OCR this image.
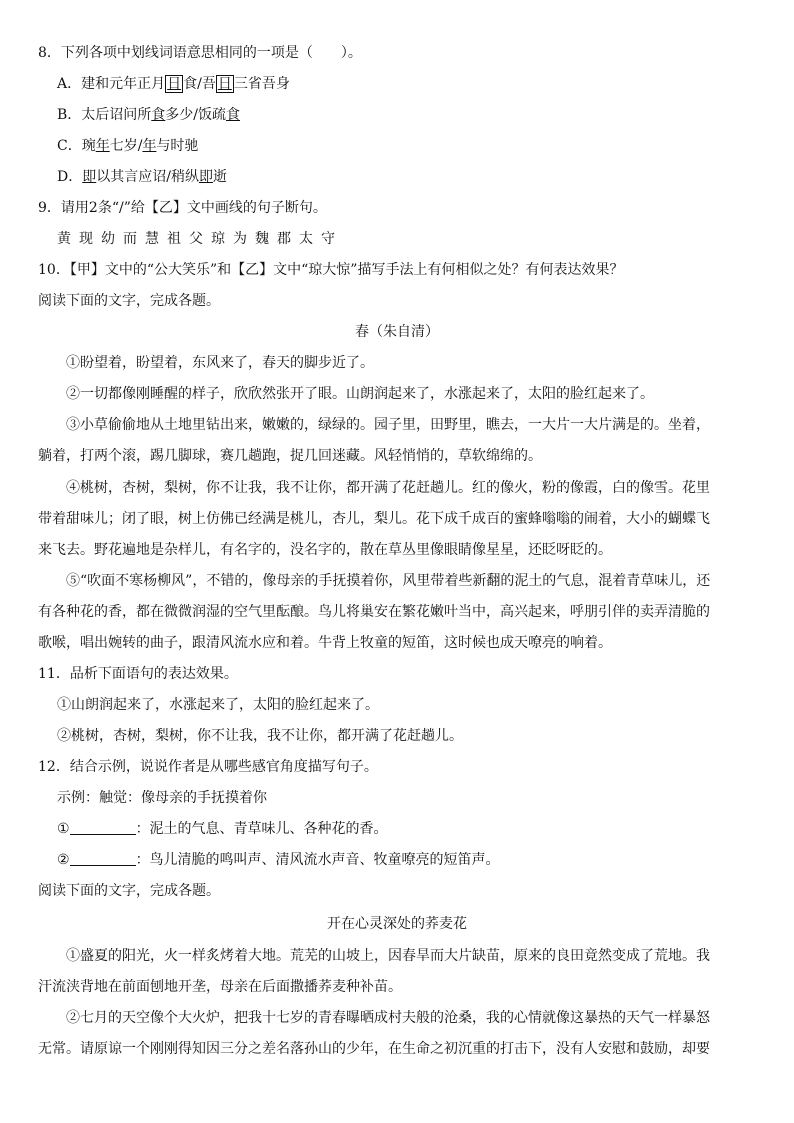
8．下列各项中划线词语意思相同的一项是（　　）。
A．建和元年正月 日 食/吾 日 三省吾身
B．太后诏问所食多少/饭疏食
C．琬年七岁/年与时驰
D．即以其言应诏/稍纵即逝
9．请用2条“/”给【乙】文中画线的句子断句。
黄现幼而慧祖父琼为魏郡太守
10．【甲】文中的“公大笑乐”和【乙】文中“琼大惊”描写手法上有何相似之处？有何表达效果？
阅读下面的文字，完成各题。
春（朱自清）
①盼望着，盼望着，东风来了，春天的脚步近了。
②一切都像刚睡醒的样子，欣欣然张开了眼。山朗润起来了，水涨起来了，太阳的脸红起来了。
③小草偷偷地从土地里钻出来，嫩嫩的，绿绿的。园子里，田野里，瞧去，一大片一大片满是的。坐着，
躺着，打两个滚，踢几脚球，赛几趟跑，捉几回迷藏。风轻悄悄的，草软绵绵的。
④桃树，杏树，梨树，你不让我，我不让你，都开满了花赶趟儿。红的像火，粉的像霞，白的像雪。花里
带着甜味儿；闭了眼，树上仿佛已经满是桃儿，杏儿，梨儿。花下成千成百的蜜蜂嗡嗡的闹着，大小的蝴蝶飞
来飞去。野花遍地是杂样儿，有名字的，没名字的，散在草丛里像眼睛像星星，还眨呀眨的。
⑤“吹面不寒杨柳风”，不错的，像母亲的手抚摸着你，风里带着些新翻的泥土的气息，混着青草味儿，还
有各种花的香，都在微微润湿的空气里酝酿。鸟儿将巢安在繁花嫩叶当中，高兴起来，呼朋引伴的卖弄清脆的
歌喉，唱出婉转的曲子，跟清风流水应和着。牛背上牧童的短笛，这时候也成天嘹亮的响着。
11．品析下面语句的表达效果。
①山朗润起来了，水涨起来了，太阳的脸红起来了。
②桃树，杏树，梨树，你不让我，我不让你，都开满了花赶趟儿。
12．结合示例，说说作者是从哪些感官角度描写句子。
示例：触觉：像母亲的手抚摸着你
①	：泥土的气息、青草味儿、各种花的香。
②	：鸟儿清脆的鸣叫声、清风流水声音、牧童嘹亮的短笛声。
阅读下面的文字，完成各题。
开在心灵深处的荞麦花
①盛夏的阳光，火一样炙烤着大地。荒芜的山坡上，因春旱而大片缺苗，原来的良田竟然变成了荒地。我
汗流浃背地在前面刨地开垄，母亲在后面撒播荞麦种补苗。
②七月的天空像个大火炉，把我十七岁的青春曝晒成村夫般的沧桑，我的心情就像这暴热的天气一样暴怒
无常。请原谅一个刚刚得知因三分之差名落孙山的少年，在生命之初沉重的打击下，没有人安慰和鼓励，却要
